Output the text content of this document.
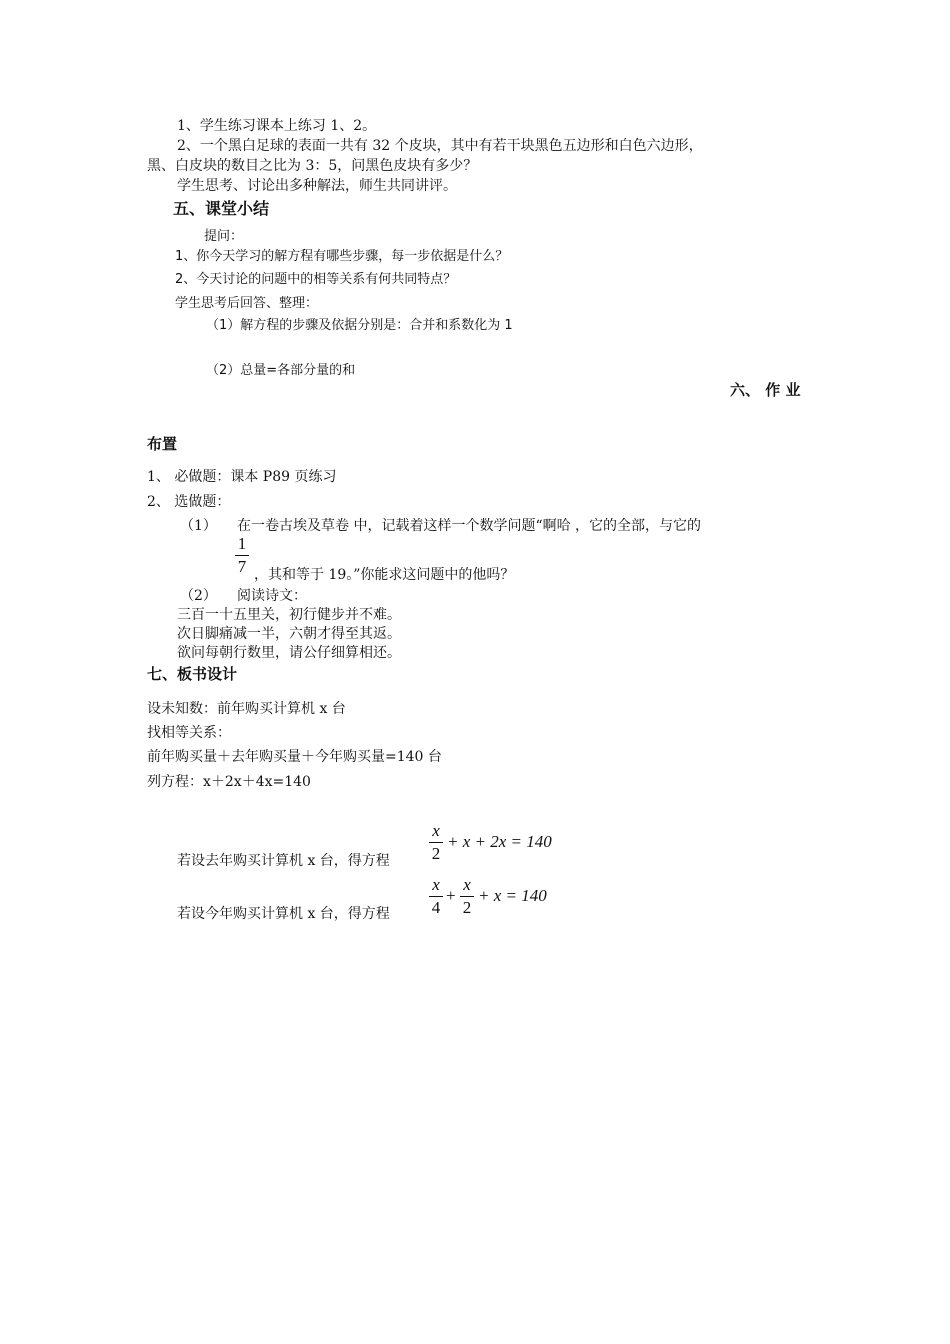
1、学生练习课本上练习 1、2。
2、一个黑白足球的表面一共有 32 个皮块，其中有若干块黑色五边形和白色六边形，
黑、白皮块的数目之比为 3：5，问黑色皮块有多少？
学生思考、讨论出多种解法，师生共同讲评。
五、课堂小结
提问：
1、你今天学习的解方程有哪些步骤，每一步依据是什么？
2、今天讨论的问题中的相等关系有何共同特点？
学生思考后回答、整理：
（1）解方程的步骤及依据分别是：合并和系数化为 1
（2）总量=各部分量的和
六、 作 业
布置
1、 必做题：课本 P89 页练习
2、 选做题：
（1） 在一卷古埃及草卷 中，记载着这样一个数学问题“啊哈 ，它的全部，与它的
1
7 ，其和等于 19。”你能求这问题中的他吗？
（2） 阅读诗文：
三百一十五里关，初行健步并不难。
次日脚痛减一半，六朝才得至其返。
欲问每朝行数里，请公仔细算相还。
七、板书设计
设未知数：前年购买计算机 x 台
找相等关系：
前年购买量＋去年购买量＋今年购买量=140 台
列方程：x＋2x＋4x=140
若设去年购买计算机 x 台，得方程
x
2
+ x + 2x = 140
若设今年购买计算机 x 台，得方程
x
4
+
x
2
+ x = 140
